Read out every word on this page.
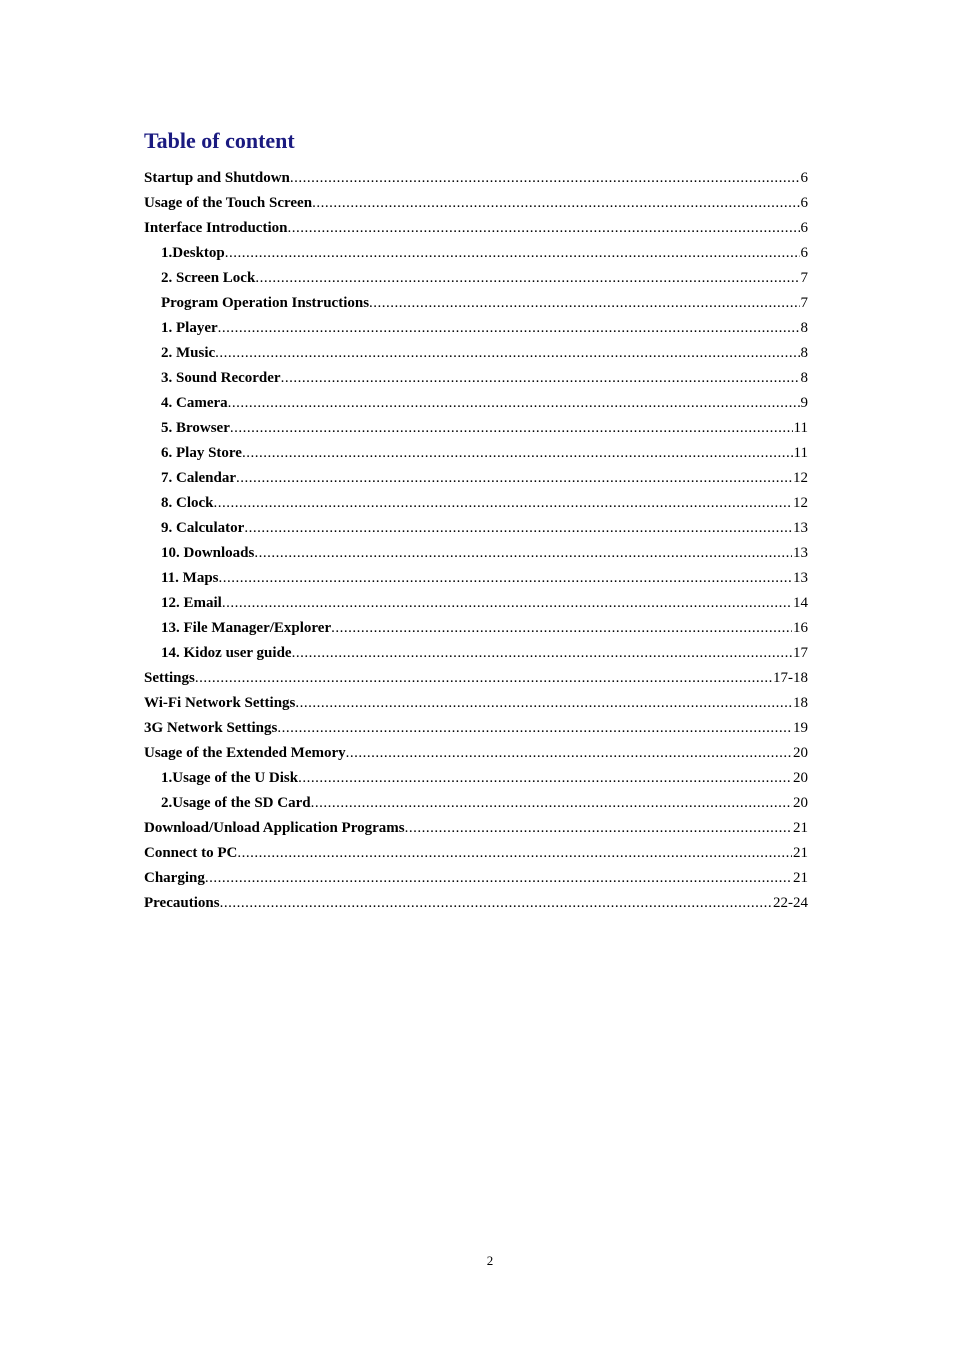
Table of content
Startup and Shutdown .....	6
Usage of the Touch Screen .....	6
Interface Introduction .....	6
1.Desktop .....	6
2. Screen Lock .....	7
Program Operation Instructions .....	7
1. Player .....	8
2. Music .....	8
3. Sound Recorder .....	8
4. Camera .....	9
5. Browser .....	11
6. Play Store .....	11
7. Calendar .....	12
8. Clock .....	12
9. Calculator .....	13
10. Downloads .....	13
11. Maps .....	13
12. Email .....	14
13. File Manager/Explorer .....	16
14. Kidoz user guide .....	17
Settings .....	17-18
Wi-Fi Network Settings .....	18
3G Network Settings .....	19
Usage of the Extended Memory .....	20
1.Usage of the U Disk .....	20
2.Usage of the SD Card .....	20
Download/Unload Application Programs .....	21
Connect to PC .....	21
Charging .....	21
Precautions .....	22-24
2
